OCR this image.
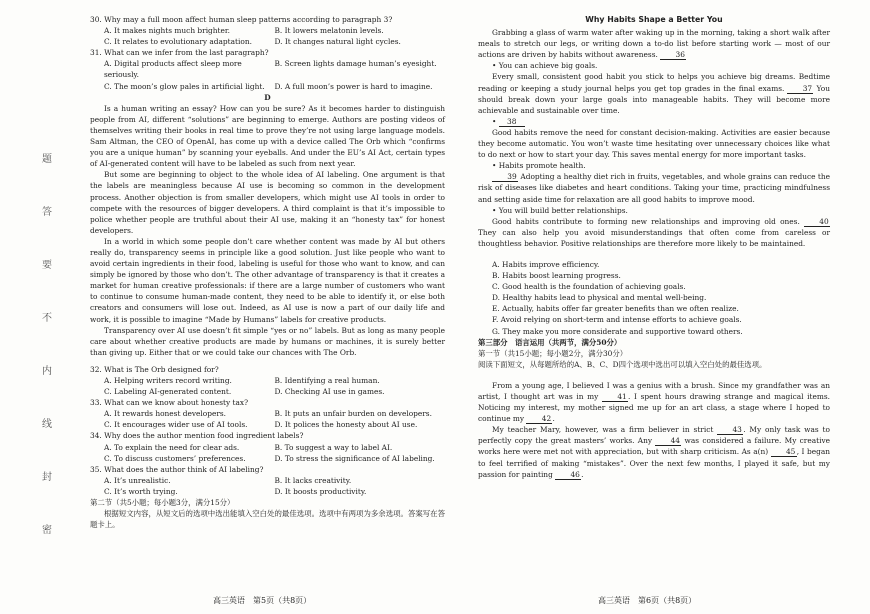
题
答
要
不
内
线
封
密
30. Why may a full moon affect human sleep patterns according to paragraph 3?
A. It makes nights much brighter.	B. It lowers melatonin levels.
C. It relates to evolutionary adaptation.	D. It changes natural light cycles.
31. What can we infer from the last paragraph?
A. Digital products affect sleep more seriously.
B. Screen lights damage human’s eyesight.
C. The moon’s glow pales in artificial light.	D. A full moon’s power is hard to imagine.
D

Is a human writing an essay? How can you be sure? As it becomes harder to distinguish people from AI, different “solutions” are beginning to emerge. Authors are posting videos of themselves writing their books in real time to prove they’re not using large language models. Sam Altman, the CEO of OpenAI, has come up with a device called The Orb which “confirms you are a unique human” by scanning your eyeballs. And under the EU’s AI Act, certain types of AI-generated content will have to be labeled as such from next year.

But some are beginning to object to the whole idea of AI labeling. One argument is that the labels are meaningless because AI use is becoming so common in the development process. Another objection is from smaller developers, which might use AI tools in order to compete with the resources of bigger developers. A third complaint is that it’s impossible to police whether people are truthful about their AI use, making it an “honesty tax” for honest developers.

In a world in which some people don’t care whether content was made by AI but others really do, transparency seems in principle like a good solution. Just like people who want to avoid certain ingredients in their food, labeling is useful for those who want to know, and can simply be ignored by those who don’t. The other advantage of transparency is that it creates a market for human creative professionals: if there are a large number of customers who want to continue to consume human-made content, they need to be able to identify it, or else both creators and consumers will lose out. Indeed, as AI use is now a part of our daily life and work, it is possible to imagine “Made by Humans” labels for creative products.

Transparency over AI use doesn’t fit simple “yes or no” labels. But as long as many people care about whether creative products are made by humans or machines, it is surely better than giving up. Either that or we could take our chances with The Orb.

32. What is The Orb designed for?
A. Helping writers record writing.	B. Identifying a real human.
C. Labeling AI-generated content.	D. Checking AI use in games.
33. What can we know about honesty tax?
A. It rewards honest developers.	B. It puts an unfair burden on developers.
C. It encourages wider use of AI tools.	D. It polices the honesty about AI use.
34. Why does the author mention food ingredient labels?
A. To explain the need for clear ads.	B. To suggest a way to label AI.
C. To discuss customers’ preferences.	D. To stress the significance of AI labeling.
35. What does the author think of AI labeling?
A. It’s unrealistic.	B. It lacks creativity.
C. It’s worth trying.	D. It boosts productivity.
第二节（共5小题；每小题3分，满分15分）

根据短文内容，从短文后的选项中选出能填入空白处的最佳选项。选项中有两项为多余选项。答案写在答题卡上。

高三英语　第5页（共8页）
Why Habits Shape a Better You

Grabbing a glass of warm water after waking up in the morning, taking a short walk after meals to stretch our legs, or writing down a to-do list before starting work — most of our actions are driven by habits without awareness. 36

• You can achieve big goals.

Every small, consistent good habit you stick to helps you achieve big dreams. Bedtime reading or keeping a study journal helps you get top grades in the final exams. 37 You should break down your large goals into manageable habits. They will become more achievable and sustainable over time.

• 38

Good habits remove the need for constant decision-making. Activities are easier because they become automatic. You won’t waste time hesitating over unnecessary choices like what to do next or how to start your day. This saves mental energy for more important tasks.

• Habits promote health.

39 Adopting a healthy diet rich in fruits, vegetables, and whole grains can reduce the risk of diseases like diabetes and heart conditions. Taking your time, practicing mindfulness and setting aside time for relaxation are all good habits to improve mood.

• You will build better relationships.

Good habits contribute to forming new relationships and improving old ones.	40 They can also help you avoid misunderstandings that often come from careless or thoughtless behavior. Positive relationships are therefore more likely to be maintained.

A. Habits improve efficiency.
B. Habits boost learning progress.
C. Good health is the foundation of achieving goals.
D. Healthy habits lead to physical and mental well-being.
E. Actually, habits offer far greater benefits than we often realize.
F. Avoid relying on short-term and intense efforts to achieve goals.
G. They make you more considerate and supportive toward others.
第三部分　语言运用（共两节，满分50分）
第一节（共15小题；每小题2分，满分30分）
阅读下面短文，从每题所给的A、B、C、D四个选项中选出可以填入空白处的最佳选项。

From a young age, I believed I was a genius with a brush. Since my grandfather was an artist, I thought art was in my	41. I spent hours drawing strange and magical items. Noticing my interest, my mother signed me up for an art class, a stage where I hoped to continue my 42.

My teacher Mary, however, was a firm believer in strict	43. My only task was to perfectly copy the great masters’ works. Any	44 was considered a failure. My creative works here were met not with appreciation, but with sharp criticism. As a(n) 45, I began to feel terrified of making “mistakes”. Over the next few months, I played it safe, but my passion for painting 46.

高三英语　第6页（共8页）
